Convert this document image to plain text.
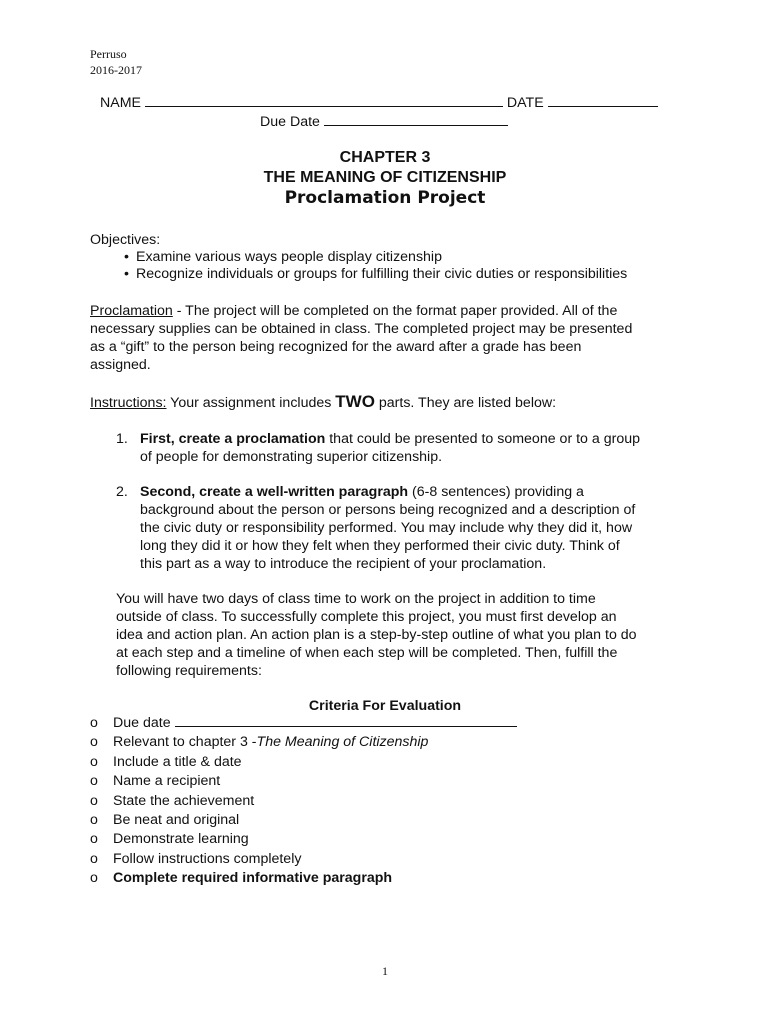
Perruso
2016-2017
NAME	DATE
Due Date
CHAPTER 3
THE MEANING OF CITIZENSHIP
Proclamation Project
Objectives:
• Examine various ways people display citizenship
• Recognize individuals or groups for fulfilling their civic duties or responsibilities
Proclamation - The project will be completed on the format paper provided. All of the
necessary supplies can be obtained in class. The completed project may be presented
as a “gift” to the person being recognized for the award after a grade has been
assigned.
Instructions: Your assignment includes TWO parts. They are listed below:
1. First, create a proclamation that could be presented to someone or to a group
of people for demonstrating superior citizenship.
2. Second, create a well-written paragraph (6-8 sentences) providing a
background about the person or persons being recognized and a description of
the civic duty or responsibility performed. You may include why they did it, how
long they did it or how they felt when they performed their civic duty. Think of
this part as a way to introduce the recipient of your proclamation.
You will have two days of class time to work on the project in addition to time
outside of class. To successfully complete this project, you must first develop an
idea and action plan. An action plan is a step-by-step outline of what you plan to do
at each step and a timeline of when each step will be completed. Then, fulfill the
following requirements:
Criteria For Evaluation
o Due date
o Relevant to chapter 3 -The Meaning of Citizenship
o Include a title & date
o Name a recipient
o State the achievement
o Be neat and original
o Demonstrate learning
o Follow instructions completely
o Complete required informative paragraph
1
